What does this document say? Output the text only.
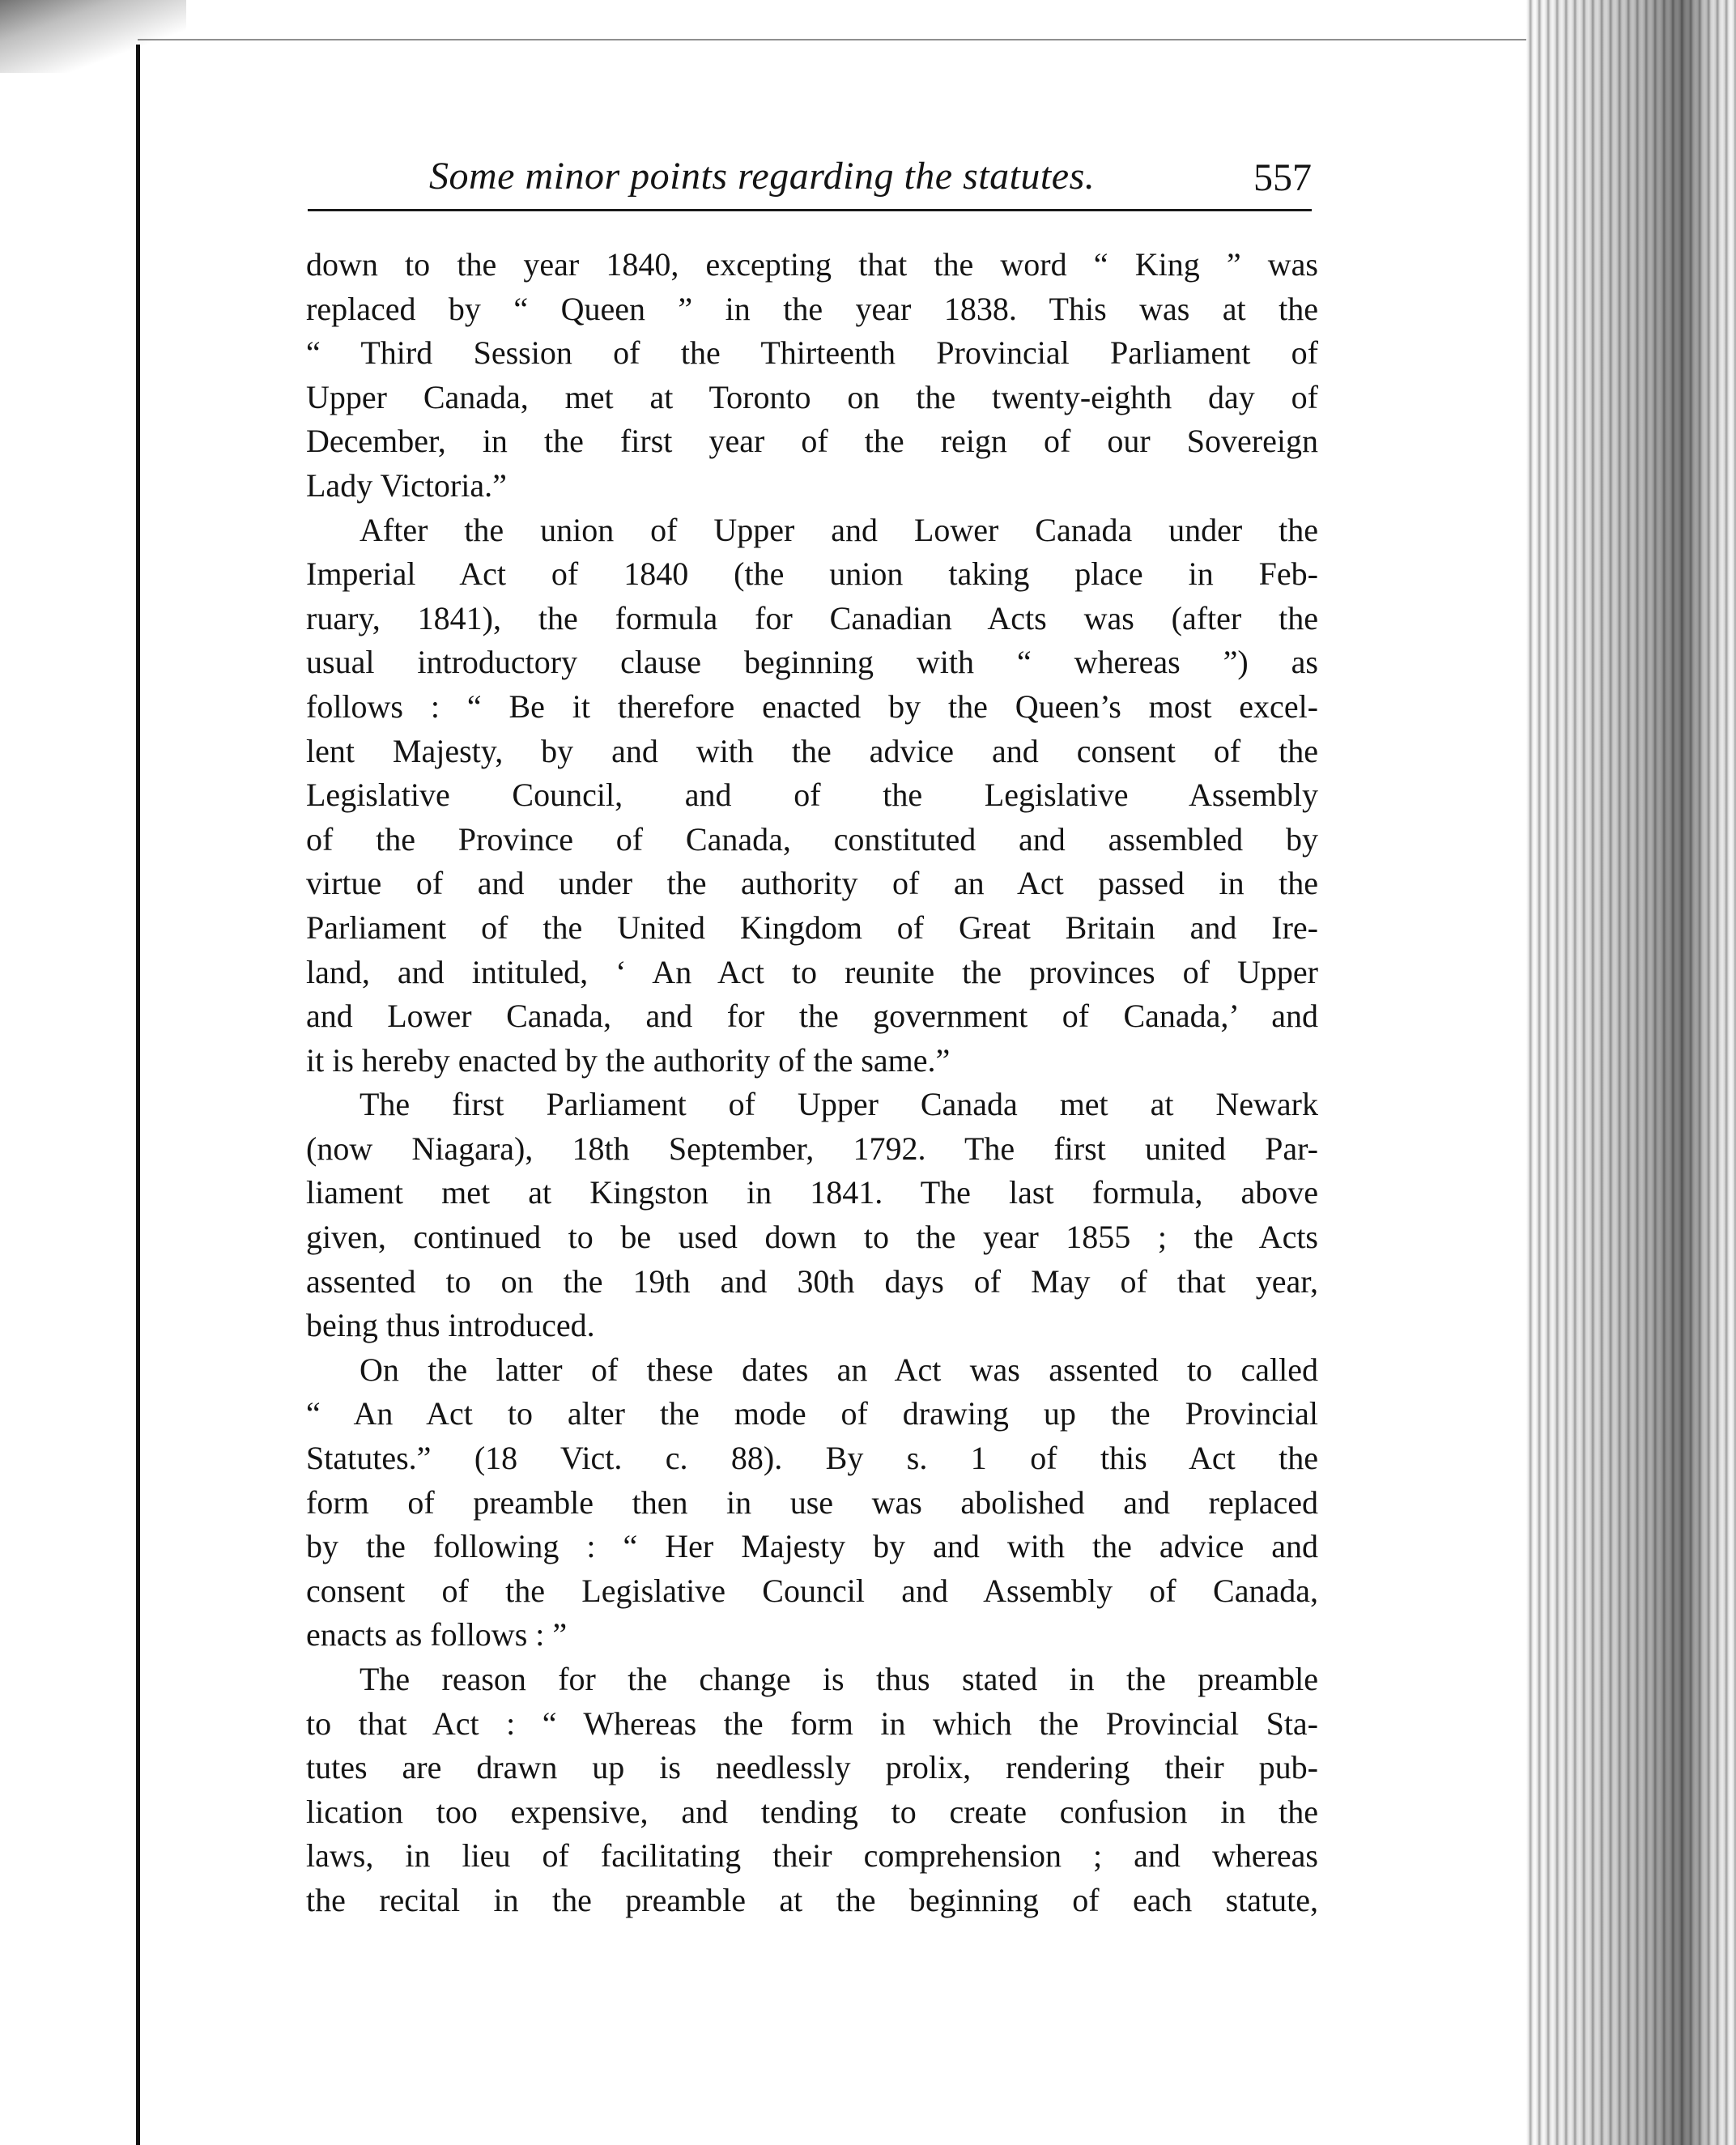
Some minor points regarding the statutes.	557
down to the year 1840, excepting that the word “ King ” was
replaced by “ Queen ” in the year 1838. This was at the
“ Third Session of the Thirteenth Provincial Parliament of
Upper Canada, met at Toronto on the twenty-eighth day of
December, in the first year of the reign of our Sovereign
Lady Victoria.”
After the union of Upper and Lower Canada under the
Imperial Act of 1840 (the union taking place in Feb-
ruary, 1841), the formula for Canadian Acts was (after the
usual introductory clause beginning with “ whereas ”) as
follows : “ Be it therefore enacted by the Queen’s most excel-
lent Majesty, by and with the advice and consent of the
Legislative Council, and of the Legislative Assembly
of the Province of Canada, constituted and assembled by
virtue of and under the authority of an Act passed in the
Parliament of the United Kingdom of Great Britain and Ire-
land, and intituled, ‘ An Act to reunite the provinces of Upper
and Lower Canada, and for the government of Canada,’ and
it is hereby enacted by the authority of the same.”
The first Parliament of Upper Canada met at Newark
(now Niagara), 18th September, 1792. The first united Par-
liament met at Kingston in 1841. The last formula, above
given, continued to be used down to the year 1855 ; the Acts
assented to on the 19th and 30th days of May of that year,
being thus introduced.
On the latter of these dates an Act was assented to called
“ An Act to alter the mode of drawing up the Provincial
Statutes.” (18 Vict. c. 88). By s. 1 of this Act the
form of preamble then in use was abolished and replaced
by the following : “ Her Majesty by and with the advice and
consent of the Legislative Council and Assembly of Canada,
enacts as follows : ”
The reason for the change is thus stated in the preamble
to that Act : “ Whereas the form in which the Provincial Sta-
tutes are drawn up is needlessly prolix, rendering their pub-
lication too expensive, and tending to create confusion in the
laws, in lieu of facilitating their comprehension ; and whereas
the recital in the preamble at the beginning of each statute,
